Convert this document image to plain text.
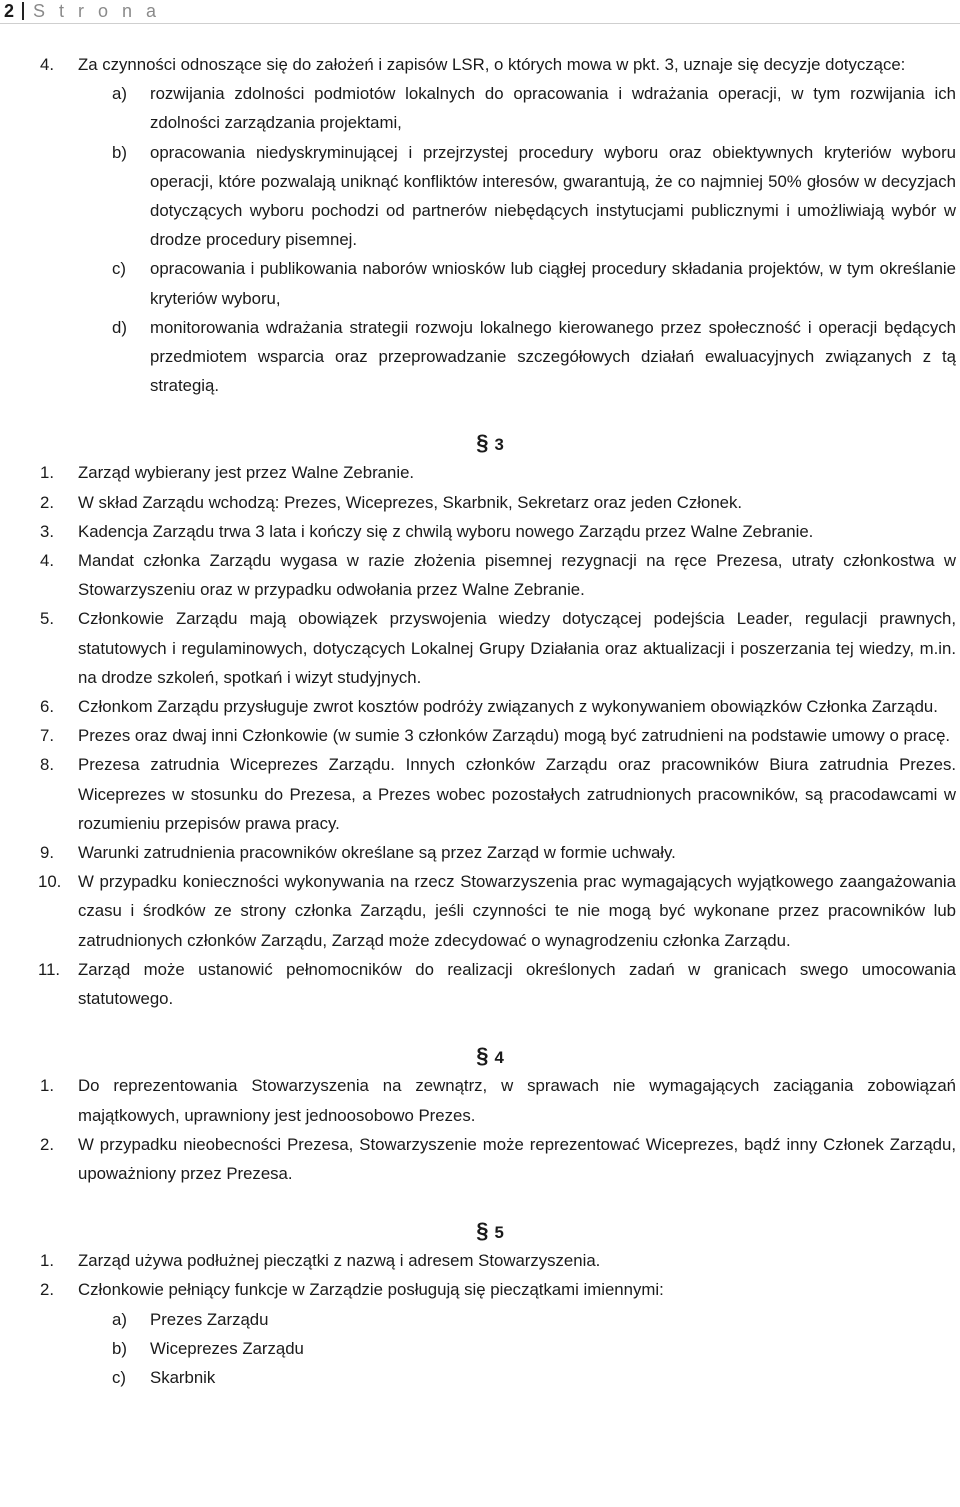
2 S t r o n a
4. Za czynności odnoszące się do założeń i zapisów LSR, o których mowa w pkt. 3, uznaje się decyzje dotyczące:
a) rozwijania zdolności podmiotów lokalnych do opracowania i wdrażania operacji, w tym rozwijania ich zdolności zarządzania projektami,
b) opracowania niedyskryminującej i przejrzystej procedury wyboru oraz obiektywnych kryteriów wyboru operacji, które pozwalają uniknąć konfliktów interesów, gwarantują, że co najmniej 50% głosów w decyzjach dotyczących wyboru pochodzi od partnerów niebędących instytucjami publicznymi i umożliwiają wybór w drodze procedury pisemnej.
c) opracowania i publikowania naborów wniosków lub ciągłej procedury składania projektów, w tym określanie kryteriów wyboru,
d) monitorowania wdrażania strategii rozwoju lokalnego kierowanego przez społeczność i operacji będących przedmiotem wsparcia oraz przeprowadzanie szczegółowych działań ewaluacyjnych związanych z tą strategią.
§ 3
1. Zarząd wybierany jest przez Walne Zebranie.
2. W skład Zarządu wchodzą: Prezes, Wiceprezes, Skarbnik, Sekretarz oraz jeden Członek.
3. Kadencja Zarządu trwa 3 lata i kończy się z chwilą wyboru nowego Zarządu przez Walne Zebranie.
4. Mandat członka Zarządu wygasa w razie złożenia pisemnej rezygnacji na ręce Prezesa, utraty członkostwa w Stowarzyszeniu oraz w przypadku odwołania przez Walne Zebranie.
5. Członkowie Zarządu mają obowiązek przyswojenia wiedzy dotyczącej podejścia Leader, regulacji prawnych, statutowych i regulaminowych, dotyczących Lokalnej Grupy Działania oraz aktualizacji i poszerzania tej wiedzy, m.in. na drodze szkoleń, spotkań i wizyt studyjnych.
6. Członkom Zarządu przysługuje zwrot kosztów podróży związanych z wykonywaniem obowiązków Członka Zarządu.
7. Prezes oraz dwaj inni Członkowie (w sumie 3 członków Zarządu) mogą być zatrudnieni na podstawie umowy o pracę.
8. Prezesa zatrudnia Wiceprezes Zarządu. Innych członków Zarządu oraz pracowników Biura zatrudnia Prezes. Wiceprezes w stosunku do Prezesa, a Prezes wobec pozostałych zatrudnionych pracowników, są pracodawcami w rozumieniu przepisów prawa pracy.
9. Warunki zatrudnienia pracowników określane są przez Zarząd w formie uchwały.
10. W przypadku konieczności wykonywania na rzecz Stowarzyszenia prac wymagających wyjątkowego zaangażowania czasu i środków ze strony członka Zarządu, jeśli czynności te nie mogą być wykonane przez pracowników lub zatrudnionych członków Zarządu, Zarząd może zdecydować o wynagrodzeniu członka Zarządu.
11. Zarząd może ustanowić pełnomocników do realizacji określonych zadań w granicach swego umocowania statutowego.
§ 4
1. Do reprezentowania Stowarzyszenia na zewnątrz, w sprawach nie wymagających zaciągania zobowiązań majątkowych, uprawniony jest jednoosobowo Prezes.
2. W przypadku nieobecności Prezesa, Stowarzyszenie może reprezentować Wiceprezes, bądź inny Członek Zarządu, upoważniony przez Prezesa.
§ 5
1. Zarząd używa podłużnej pieczątki z nazwą i adresem Stowarzyszenia.
2. Członkowie pełniący funkcje w Zarządzie posługują się pieczątkami imiennymi:
a) Prezes Zarządu
b) Wiceprezes Zarządu
c) Skarbnik
